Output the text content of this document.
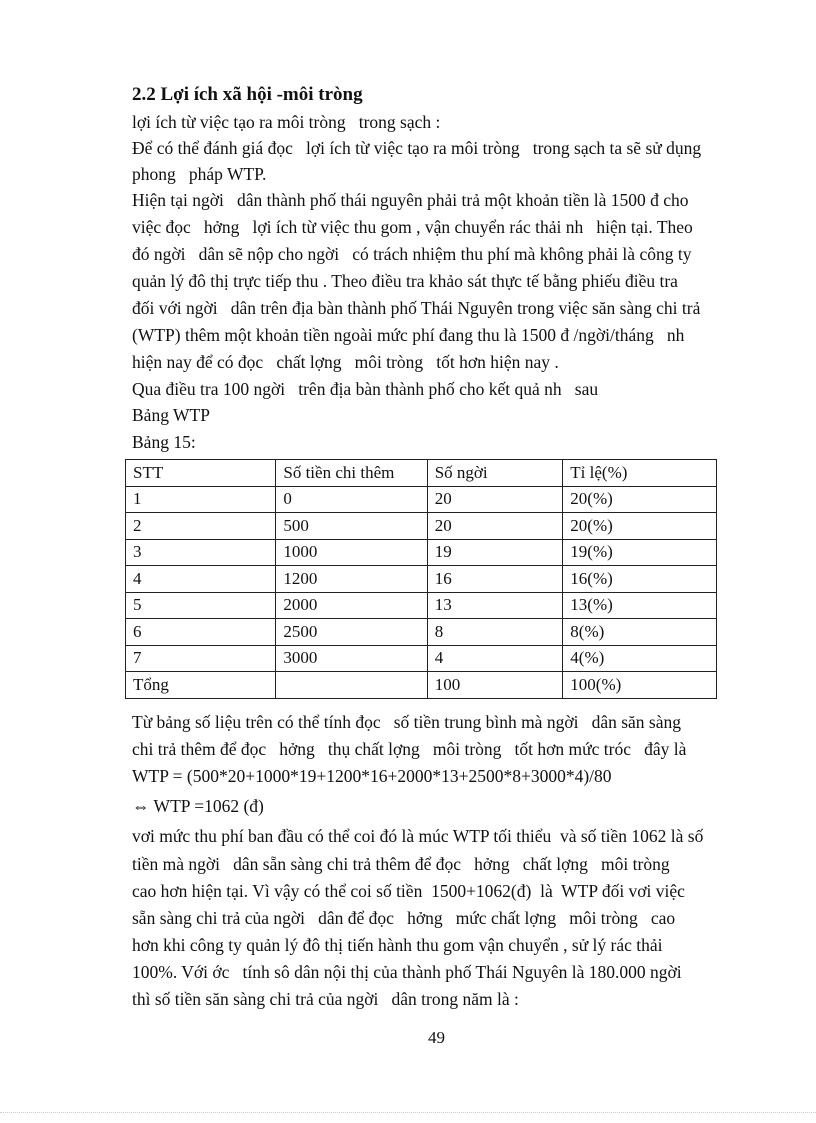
2.2 Lợi ích xã hội -môi tròng
lợi ích từ việc tạo ra môi tròng   trong sạch :
Để có thể đánh giá đọc   lợi ích từ việc tạo ra môi tròng   trong sạch ta sẽ sử dụng
phong   pháp WTP.
Hiện tại ngời   dân thành phố thái nguyên phải trả một khoản tiền là 1500 đ cho
việc đọc   hởng   lợi ích từ việc thu gom , vận chuyển rác thải nh   hiện tại. Theo
đó ngời   dân sẽ nộp cho ngời   có trách nhiệm thu phí mà không phải là công ty
quản lý đô thị trực tiếp thu . Theo điều tra khảo sát thực tế bằng phiếu điều tra
đối với ngời   dân trên địa bàn thành phố Thái Nguyên trong việc săn sàng chi trả
(WTP) thêm một khoản tiền ngoài mức phí đang thu là 1500 đ /ngời/tháng   nh
hiện nay để có đọc   chất lợng   môi tròng   tốt hơn hiện nay .
Qua điều tra 100 ngời   trên địa bàn thành phố cho kết quả nh   sau
Bảng WTP
Bảng 15:
STT	Số tiền chi thêm	Số ngời	Tỉ lệ(%)
1	0	20	20(%)
2	500	20	20(%)
3	1000	19	19(%)
4	1200	16	16(%)
5	2000	13	13(%)
6	2500	8	8(%)
7	3000	4	4(%)
Tổng		100	100(%)
Từ bảng số liệu trên có thể tính đọc   số tiền trung bình mà ngời   dân săn sàng
chi trả thêm để đọc   hởng   thụ chất lợng   môi tròng   tốt hơn mức tróc   đây là
WTP = (500*20+1000*19+1200*16+2000*13+2500*8+3000*4)/80
⇔ WTP =1062 (đ)
vơi mức thu phí ban đầu có thể coi đó là múc WTP tối thiểu  và số tiền 1062 là số
tiền mà ngời   dân sẵn sàng chi trả thêm để đọc   hởng   chất lợng   môi tròng
cao hơn hiện tại. Vì vậy có thể coi số tiền  1500+1062(đ)  là  WTP đối vơi việc
sẵn sàng chi trả của ngời   dân để đọc   hởng   mức chất lợng   môi tròng   cao
hơn khi công ty quản lý đô thị tiến hành thu gom vận chuyển , sử lý rác thải
100%. Với ớc   tính sô dân nội thị của thành phố Thái Nguyên là 180.000 ngời
thì số tiền săn sàng chi trả của ngời   dân trong năm là :
49
